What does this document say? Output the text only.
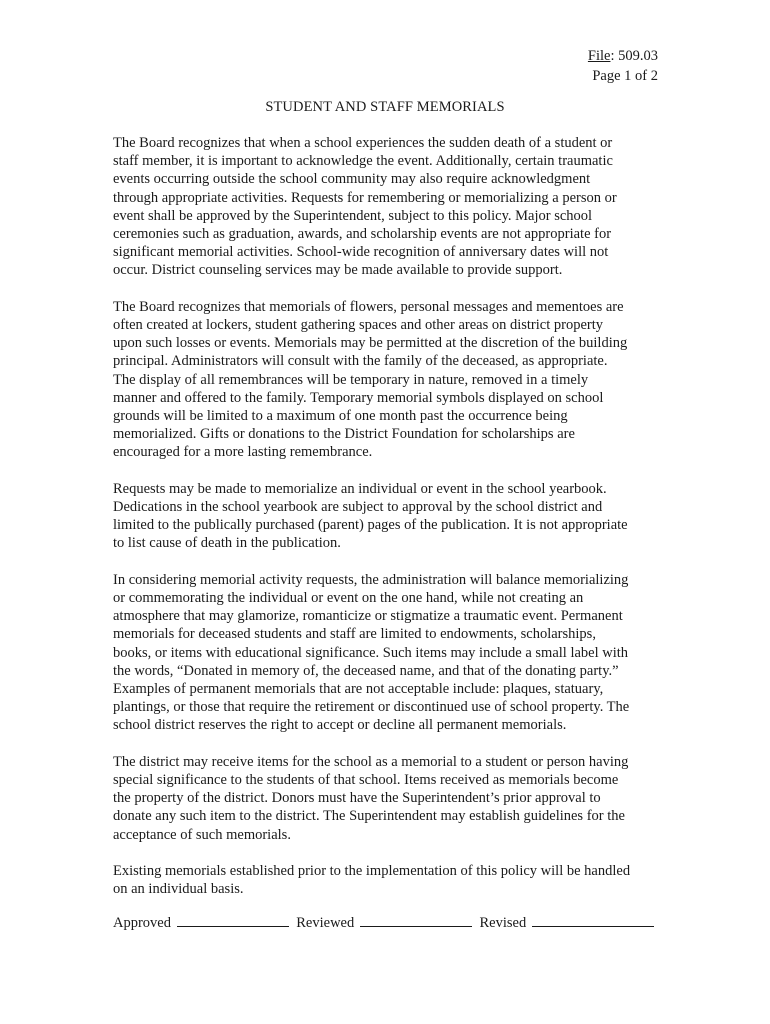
File: 509.03
Page 1 of 2
STUDENT AND STAFF MEMORIALS

The Board recognizes that when a school experiences the sudden death of a student or
staff member, it is important to acknowledge the event. Additionally, certain traumatic
events occurring outside the school community may also require acknowledgment
through appropriate activities. Requests for remembering or memorializing a person or
event shall be approved by the Superintendent, subject to this policy. Major school
ceremonies such as graduation, awards, and scholarship events are not appropriate for
significant memorial activities. School-wide recognition of anniversary dates will not
occur. District counseling services may be made available to provide support.

The Board recognizes that memorials of flowers, personal messages and mementoes are
often created at lockers, student gathering spaces and other areas on district property
upon such losses or events. Memorials may be permitted at the discretion of the building
principal. Administrators will consult with the family of the deceased, as appropriate.
The display of all remembrances will be temporary in nature, removed in a timely
manner and offered to the family. Temporary memorial symbols displayed on school
grounds will be limited to a maximum of one month past the occurrence being
memorialized. Gifts or donations to the District Foundation for scholarships are
encouraged for a more lasting remembrance.

Requests may be made to memorialize an individual or event in the school yearbook.
Dedications in the school yearbook are subject to approval by the school district and
limited to the publically purchased (parent) pages of the publication. It is not appropriate
to list cause of death in the publication.

In considering memorial activity requests, the administration will balance memorializing
or commemorating the individual or event on the one hand, while not creating an
atmosphere that may glamorize, romanticize or stigmatize a traumatic event. Permanent
memorials for deceased students and staff are limited to endowments, scholarships,
books, or items with educational significance. Such items may include a small label with
the words, “Donated in memory of, the deceased name, and that of the donating party.”
Examples of permanent memorials that are not acceptable include: plaques, statuary,
plantings, or those that require the retirement or discontinued use of school property. The
school district reserves the right to accept or decline all permanent memorials.

The district may receive items for the school as a memorial to a student or person having
special significance to the students of that school. Items received as memorials become
the property of the district. Donors must have the Superintendent’s prior approval to
donate any such item to the district. The Superintendent may establish guidelines for the
acceptance of such memorials.

Existing memorials established prior to the implementation of this policy will be handled
on an individual basis.

Approved	Reviewed	Revised
